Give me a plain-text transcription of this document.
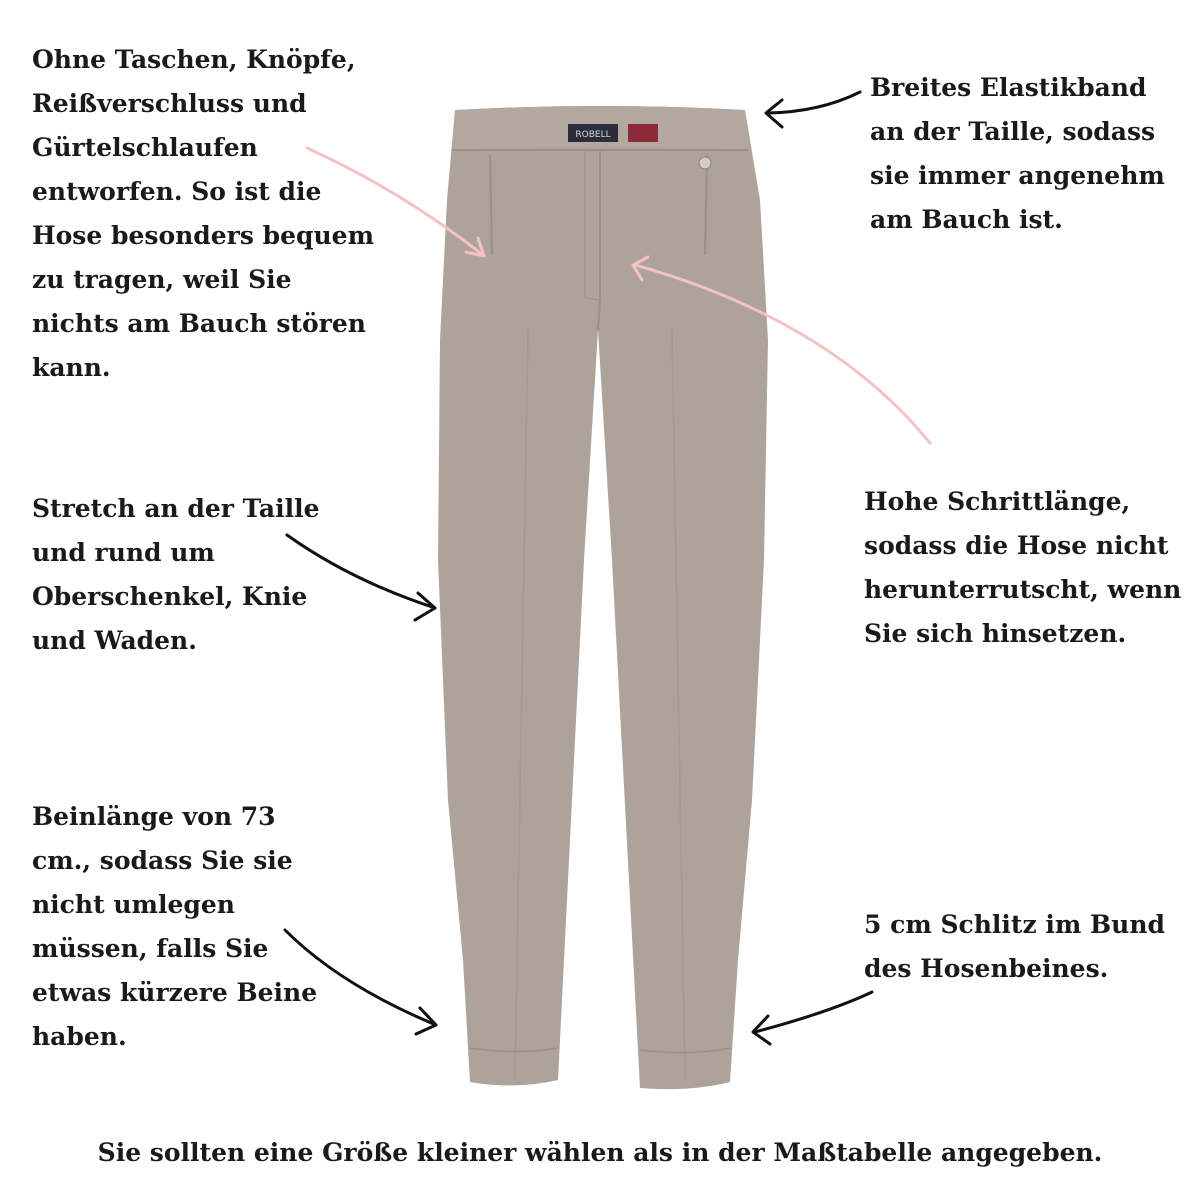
ROBELL

Ohne Taschen, Knöpfe,
Reißverschluss und
Gürtelschlaufen
entworfen. So ist die
Hose besonders bequem
zu tragen, weil Sie
nichts am Bauch stören
kann.

Breites Elastikband
an der Taille, sodass
sie immer angenehm
am Bauch ist.

Stretch an der Taille
und rund um
Oberschenkel, Knie
und Waden.

Hohe Schrittlänge,
sodass die Hose nicht
herunterrutscht, wenn
Sie sich hinsetzen.

Beinlänge von 73
cm., sodass Sie sie
nicht umlegen
müssen, falls Sie
etwas kürzere Beine
haben.

5 cm Schlitz im Bund
des Hosenbeines.

Sie sollten eine Größe kleiner wählen als in der Maßtabelle angegeben.
